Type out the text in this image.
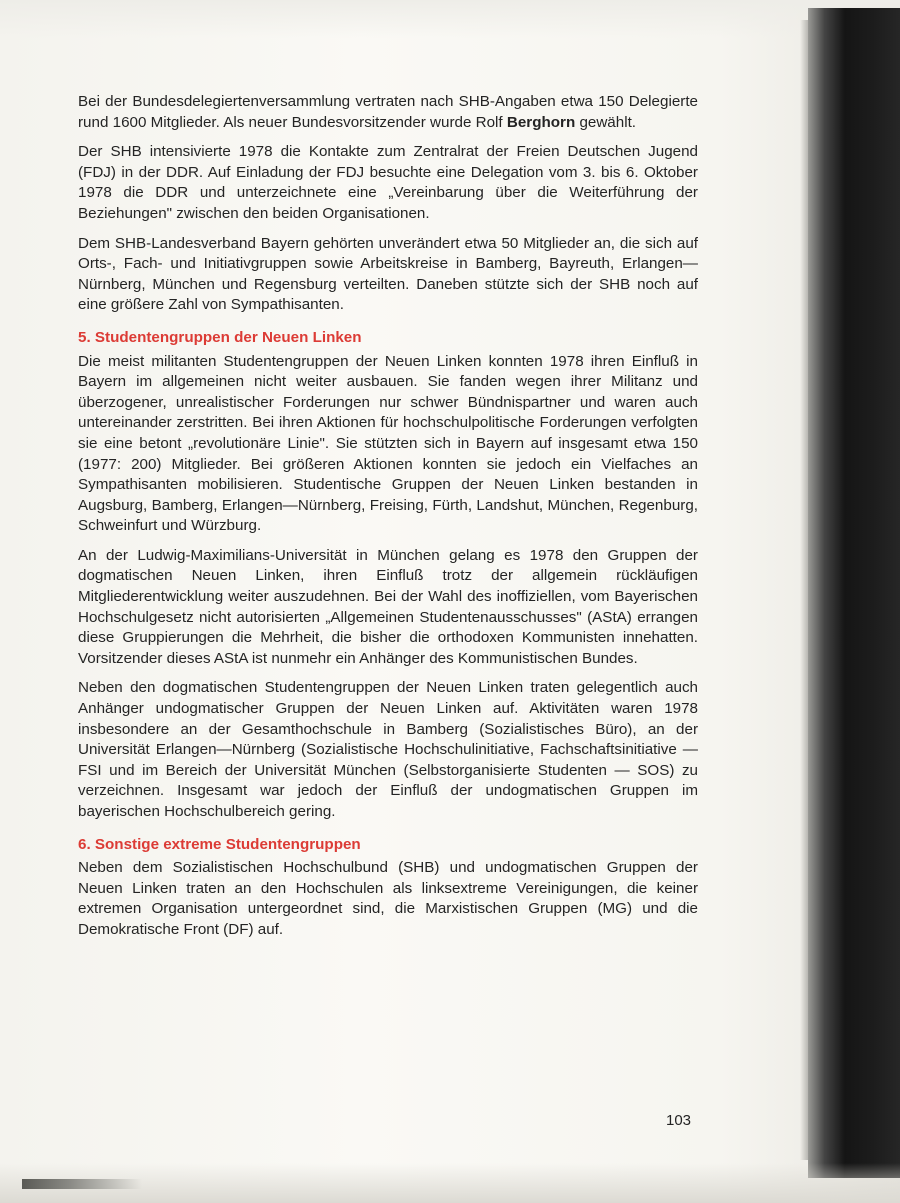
Bei der Bundesdelegiertenversammlung vertraten nach SHB-Angaben etwa 150 Delegierte rund 1600 Mitglieder. Als neuer Bundesvorsitzender wurde Rolf Berghorn gewählt.

Der SHB intensivierte 1978 die Kontakte zum Zentralrat der Freien Deutschen Jugend (FDJ) in der DDR. Auf Einladung der FDJ besuchte eine Delegation vom 3. bis 6. Oktober 1978 die DDR und unterzeichnete eine „Vereinbarung über die Weiterführung der Beziehungen" zwischen den beiden Organisationen.

Dem SHB-Landesverband Bayern gehörten unverändert etwa 50 Mitglieder an, die sich auf Orts-, Fach- und Initiativgruppen sowie Arbeitskreise in Bamberg, Bayreuth, Erlangen—Nürnberg, München und Regensburg verteilten. Daneben stützte sich der SHB noch auf eine größere Zahl von Sympathisanten.

5. Studentengruppen der Neuen Linken

Die meist militanten Studentengruppen der Neuen Linken konnten 1978 ihren Einfluß in Bayern im allgemeinen nicht weiter ausbauen. Sie fanden wegen ihrer Militanz und überzogener, unrealistischer Forderungen nur schwer Bündnispartner und waren auch untereinander zerstritten. Bei ihren Aktionen für hochschulpolitische Forderungen verfolgten sie eine betont „revolutionäre Linie". Sie stützten sich in Bayern auf insgesamt etwa 150 (1977: 200) Mitglieder. Bei größeren Aktionen konnten sie jedoch ein Vielfaches an Sympathisanten mobilisieren. Studentische Gruppen der Neuen Linken bestanden in Augsburg, Bamberg, Erlangen—Nürnberg, Freising, Fürth, Landshut, München, Regenburg, Schweinfurt und Würzburg.

An der Ludwig-Maximilians-Universität in München gelang es 1978 den Gruppen der dogmatischen Neuen Linken, ihren Einfluß trotz der allgemein rückläufigen Mitgliederentwicklung weiter auszudehnen. Bei der Wahl des inoffiziellen, vom Bayerischen Hochschulgesetz nicht autorisierten „Allgemeinen Studentenausschusses" (AStA) errangen diese Gruppierungen die Mehrheit, die bisher die orthodoxen Kommunisten innehatten. Vorsitzender dieses AStA ist nunmehr ein Anhänger des Kommunistischen Bundes.

Neben den dogmatischen Studentengruppen der Neuen Linken traten gelegentlich auch Anhänger undogmatischer Gruppen der Neuen Linken auf. Aktivitäten waren 1978 insbesondere an der Gesamthochschule in Bamberg (Sozialistisches Büro), an der Universität Erlangen—Nürnberg (Sozialistische Hochschulinitiative, Fachschaftsinitiative — FSI und im Bereich der Universität München (Selbstorganisierte Studenten — SOS) zu verzeichnen. Insgesamt war jedoch der Einfluß der undogmatischen Gruppen im bayerischen Hochschulbereich gering.

6. Sonstige extreme Studentengruppen

Neben dem Sozialistischen Hochschulbund (SHB) und undogmatischen Gruppen der Neuen Linken traten an den Hochschulen als linksextreme Vereinigungen, die keiner extremen Organisation untergeordnet sind, die Marxistischen Gruppen (MG) und die Demokratische Front (DF) auf.

103
